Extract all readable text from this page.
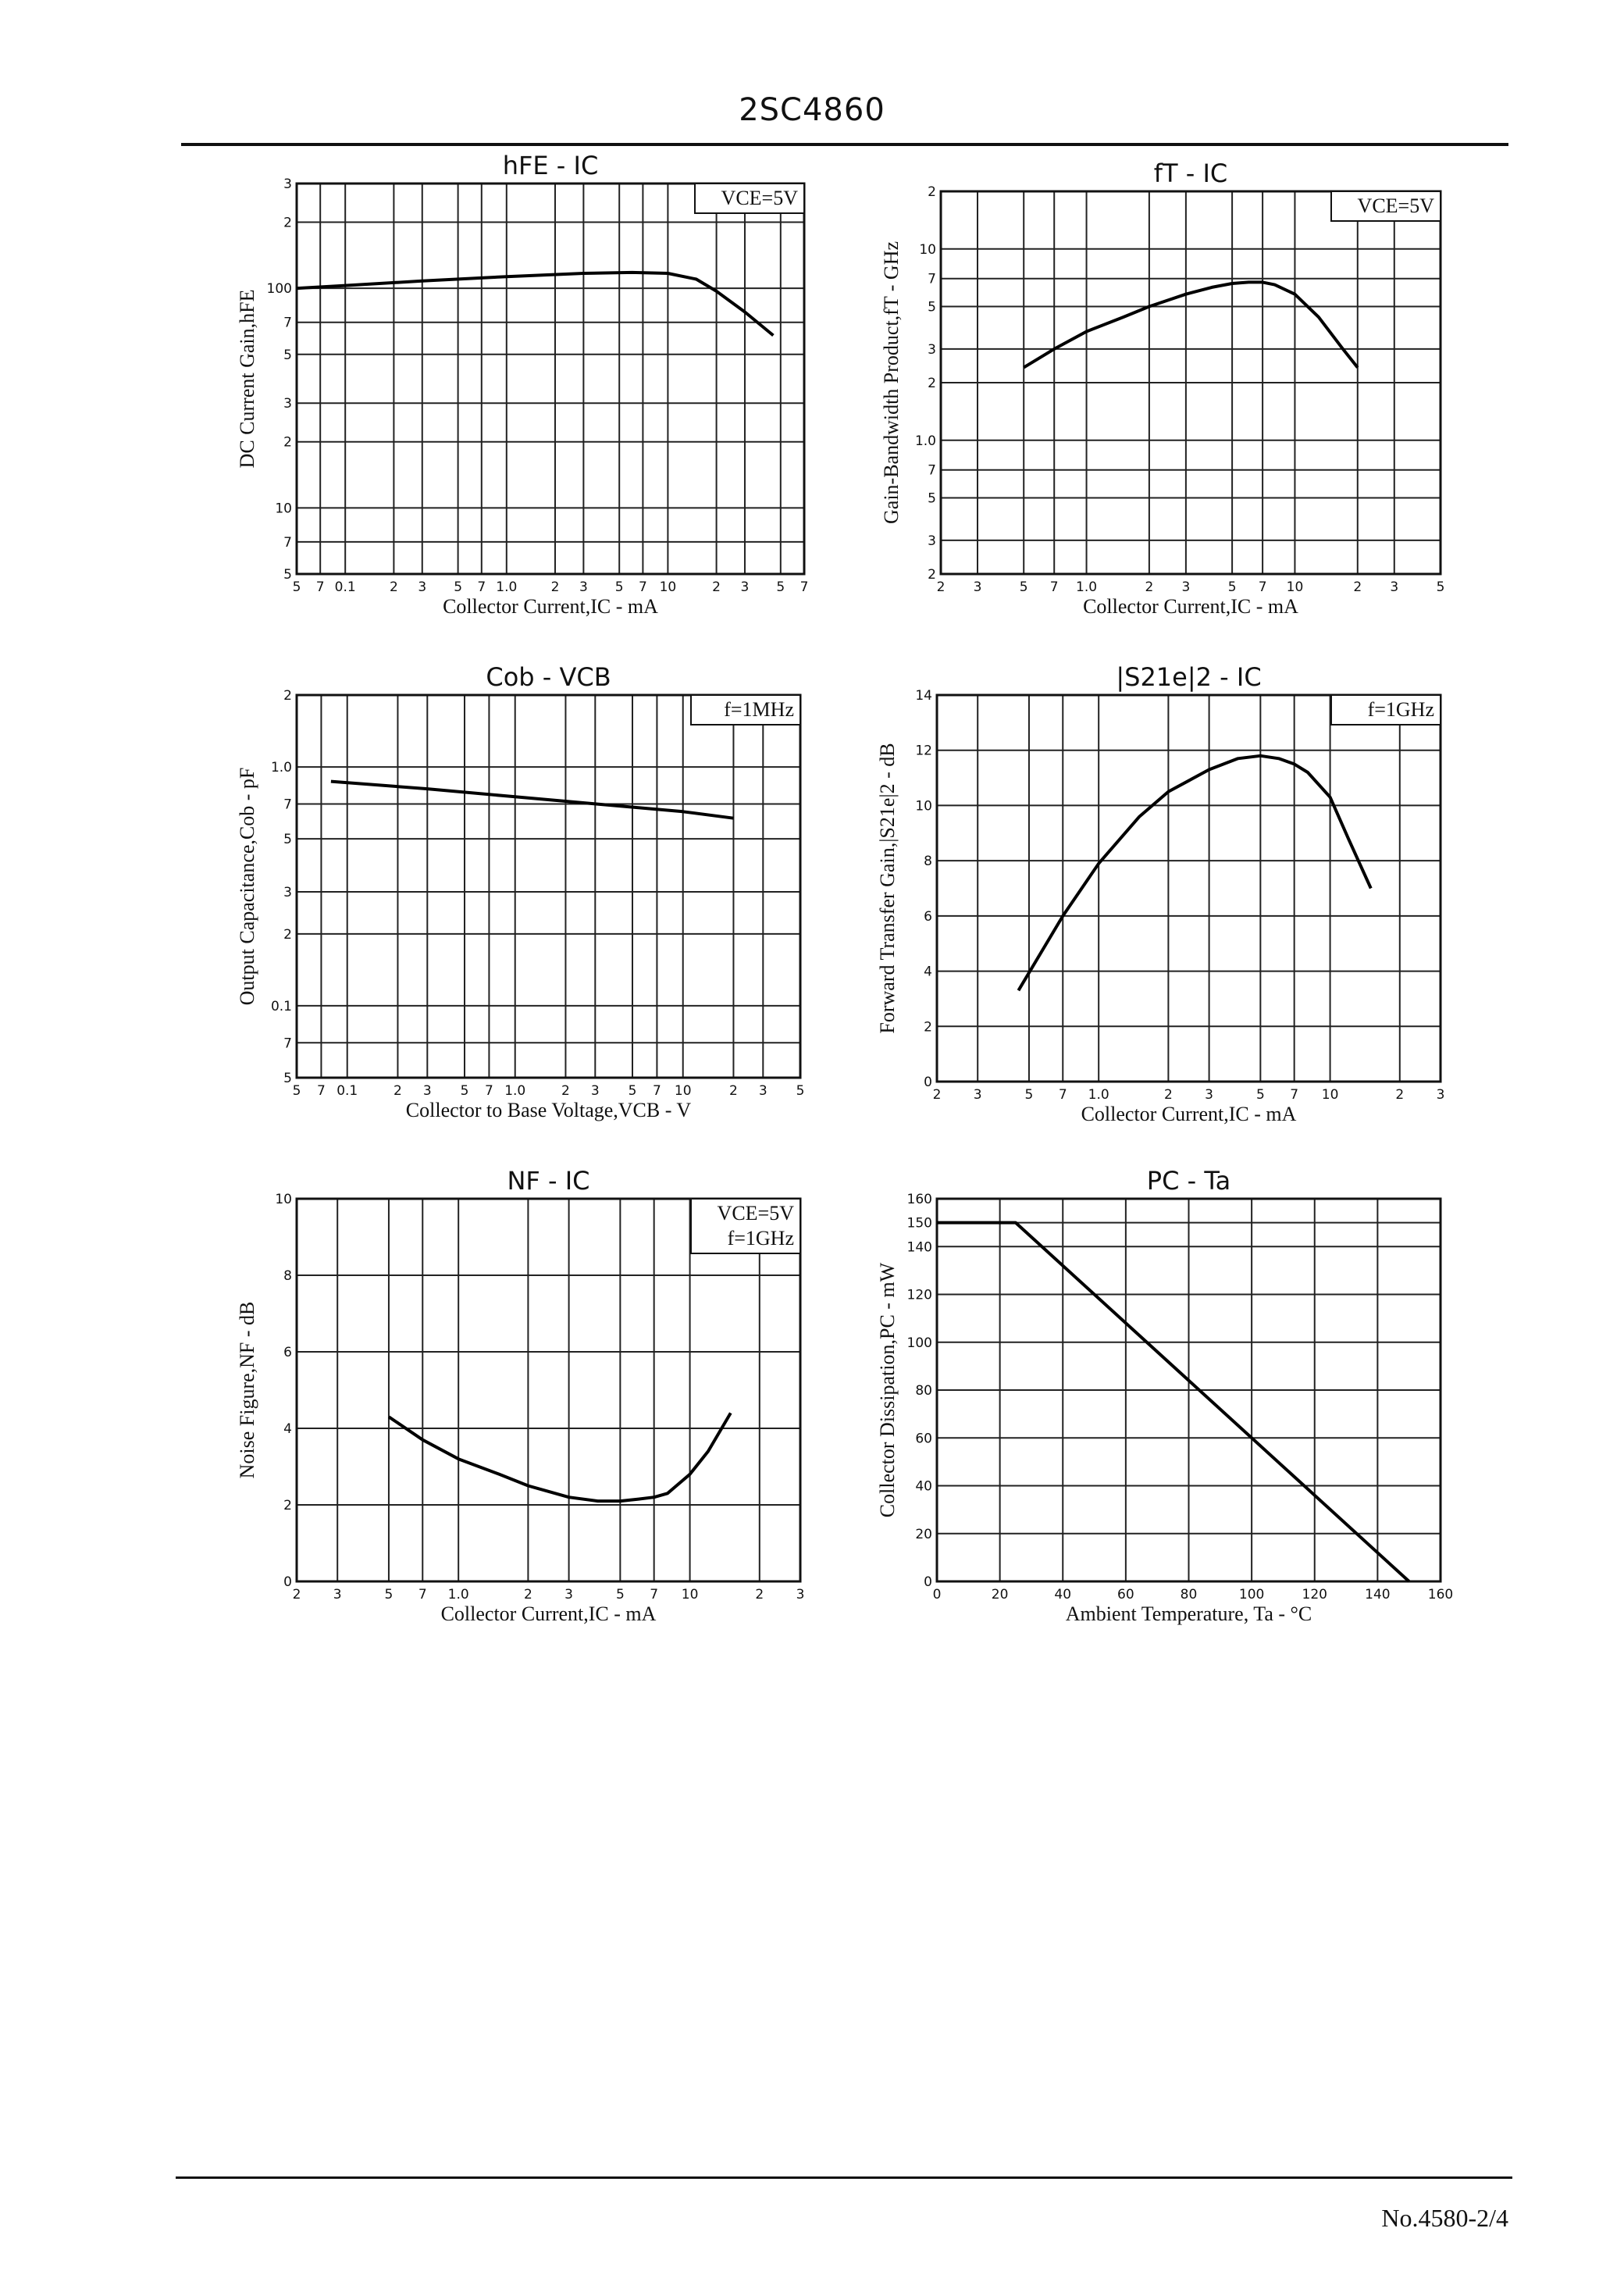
2SC4860
hFE - IC
5 7 0.1	2 3 5 7 1.0	2 3 5 7 10	2 3 5 7
3
2
100
7
5
3
2
10
7
5
Collector Current,IC - mA
DC Current Gain,hFE
VCE=5V
fT - IC
2 3	5 7 1.0	2 3	5 7 10	2 3	5
2
10
7
5
3
2
1.0
7
5
3
2
Collector Current,IC - mA
Gain-Bandwidth Product,fT - GHz
VCE=5V
Cob - VCB
5 7 0.1	2 3 5 7 1.0	2 3 5 7 10	2 3 5
2
1.0
7
5
3
2
0.1
7
5
Collector to Base Voltage,VCB - V
Output Capacitance,Cob - pF
f=1MHz
|S21e|2 - IC
2 3	5 7 1.0	2 3	5 7 10	2 3
14
12
10
8
6
4
2
0
Collector Current,IC - mA
Forward Transfer Gain,|S21e|2 - dB
f=1GHz
NF - IC
2 3	5 7 1.0	2 3	5 7 10	2 3
10
8
6
4
2
0
Collector Current,IC - mA
Noise Figure,NF - dB
VCE=5V
f=1GHz
PC - Ta
0	20	40	60	80	100	120	140	160
160
150
140
120
100
80
60
40
20
0
Ambient Temperature, Ta - °C
Collector Dissipation,PC - mW
No.4580-2/4
